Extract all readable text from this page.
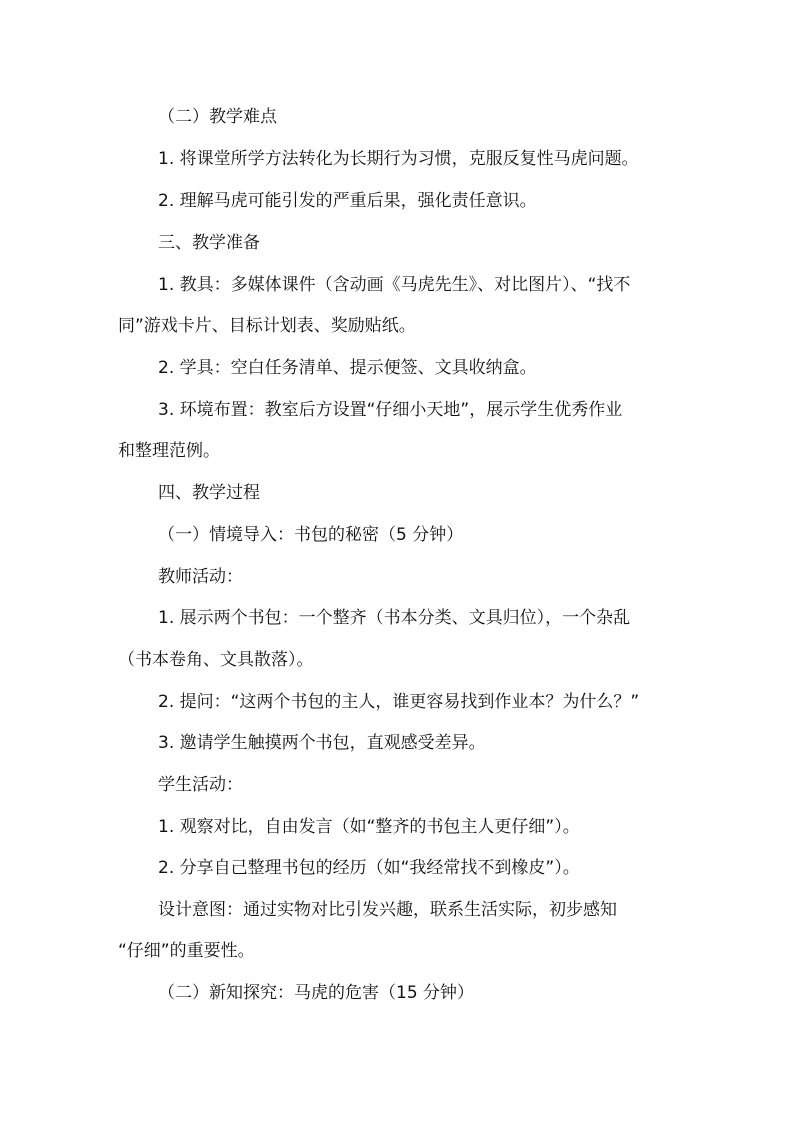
（二）教学难点
1. 将课堂所学方法转化为长期行为习惯，克服反复性马虎问题。
2. 理解马虎可能引发的严重后果，强化责任意识。
三、教学准备
1. 教具：多媒体课件（含动画《马虎先生》、对比图片）、“找不
同”游戏卡片、目标计划表、奖励贴纸。
2. 学具：空白任务清单、提示便签、文具收纳盒。
3. 环境布置：教室后方设置“仔细小天地”，展示学生优秀作业
和整理范例。
四、教学过程
（一）情境导入：书包的秘密（5 分钟）
教师活动：
1. 展示两个书包：一个整齐（书本分类、文具归位），一个杂乱
（书本卷角、文具散落）。
2. 提问：“这两个书包的主人，谁更容易找到作业本？为什么？”
3. 邀请学生触摸两个书包，直观感受差异。
学生活动：
1. 观察对比，自由发言（如“整齐的书包主人更仔细”）。
2. 分享自己整理书包的经历（如“我经常找不到橡皮”）。
设计意图：通过实物对比引发兴趣，联系生活实际，初步感知
“仔细”的重要性。
（二）新知探究：马虎的危害（15 分钟）
